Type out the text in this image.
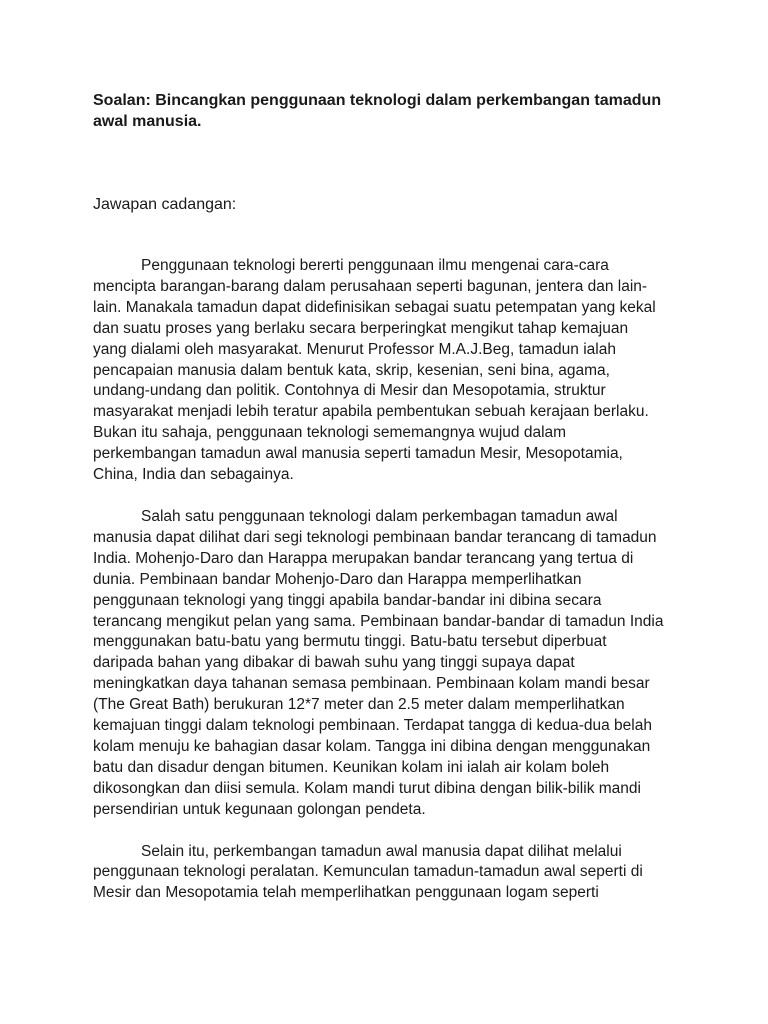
Soalan: Bincangkan penggunaan teknologi dalam perkembangan tamadun awal manusia.

Jawapan cadangan:

Penggunaan teknologi bererti penggunaan ilmu mengenai cara-cara mencipta barangan-barang dalam perusahaan seperti bagunan, jentera dan lain-lain. Manakala tamadun dapat didefinisikan sebagai suatu petempatan yang kekal dan suatu proses yang berlaku secara berperingkat mengikut tahap kemajuan yang dialami oleh masyarakat. Menurut Professor M.A.J.Beg, tamadun ialah pencapaian manusia dalam bentuk kata, skrip, kesenian, seni bina, agama, undang-undang dan politik. Contohnya di Mesir dan Mesopotamia, struktur masyarakat menjadi lebih teratur apabila pembentukan sebuah kerajaan berlaku. Bukan itu sahaja, penggunaan teknologi sememangnya wujud dalam perkembangan tamadun awal manusia seperti tamadun Mesir, Mesopotamia, China, India dan sebagainya.

Salah satu penggunaan teknologi dalam perkembagan tamadun awal manusia dapat dilihat dari segi teknologi pembinaan bandar terancang di tamadun India. Mohenjo-Daro dan Harappa merupakan bandar terancang yang tertua di dunia. Pembinaan bandar Mohenjo-Daro dan Harappa memperlihatkan penggunaan teknologi yang tinggi apabila bandar-bandar ini dibina secara terancang mengikut pelan yang sama. Pembinaan bandar-bandar di tamadun India menggunakan batu-batu yang bermutu tinggi. Batu-batu tersebut diperbuat daripada bahan yang dibakar di bawah suhu yang tinggi supaya dapat meningkatkan daya tahanan semasa pembinaan. Pembinaan kolam mandi besar (The Great Bath) berukuran 12*7 meter dan 2.5 meter dalam memperlihatkan kemajuan tinggi dalam teknologi pembinaan. Terdapat tangga di kedua-dua belah kolam menuju ke bahagian dasar kolam. Tangga ini dibina dengan menggunakan batu dan disadur dengan bitumen. Keunikan kolam ini ialah air kolam boleh dikosongkan dan diisi semula. Kolam mandi turut dibina dengan bilik-bilik mandi persendirian untuk kegunaan golongan pendeta.

Selain itu, perkembangan tamadun awal manusia dapat dilihat melalui penggunaan teknologi peralatan. Kemunculan tamadun-tamadun awal seperti di Mesir dan Mesopotamia telah memperlihatkan penggunaan logam seperti
